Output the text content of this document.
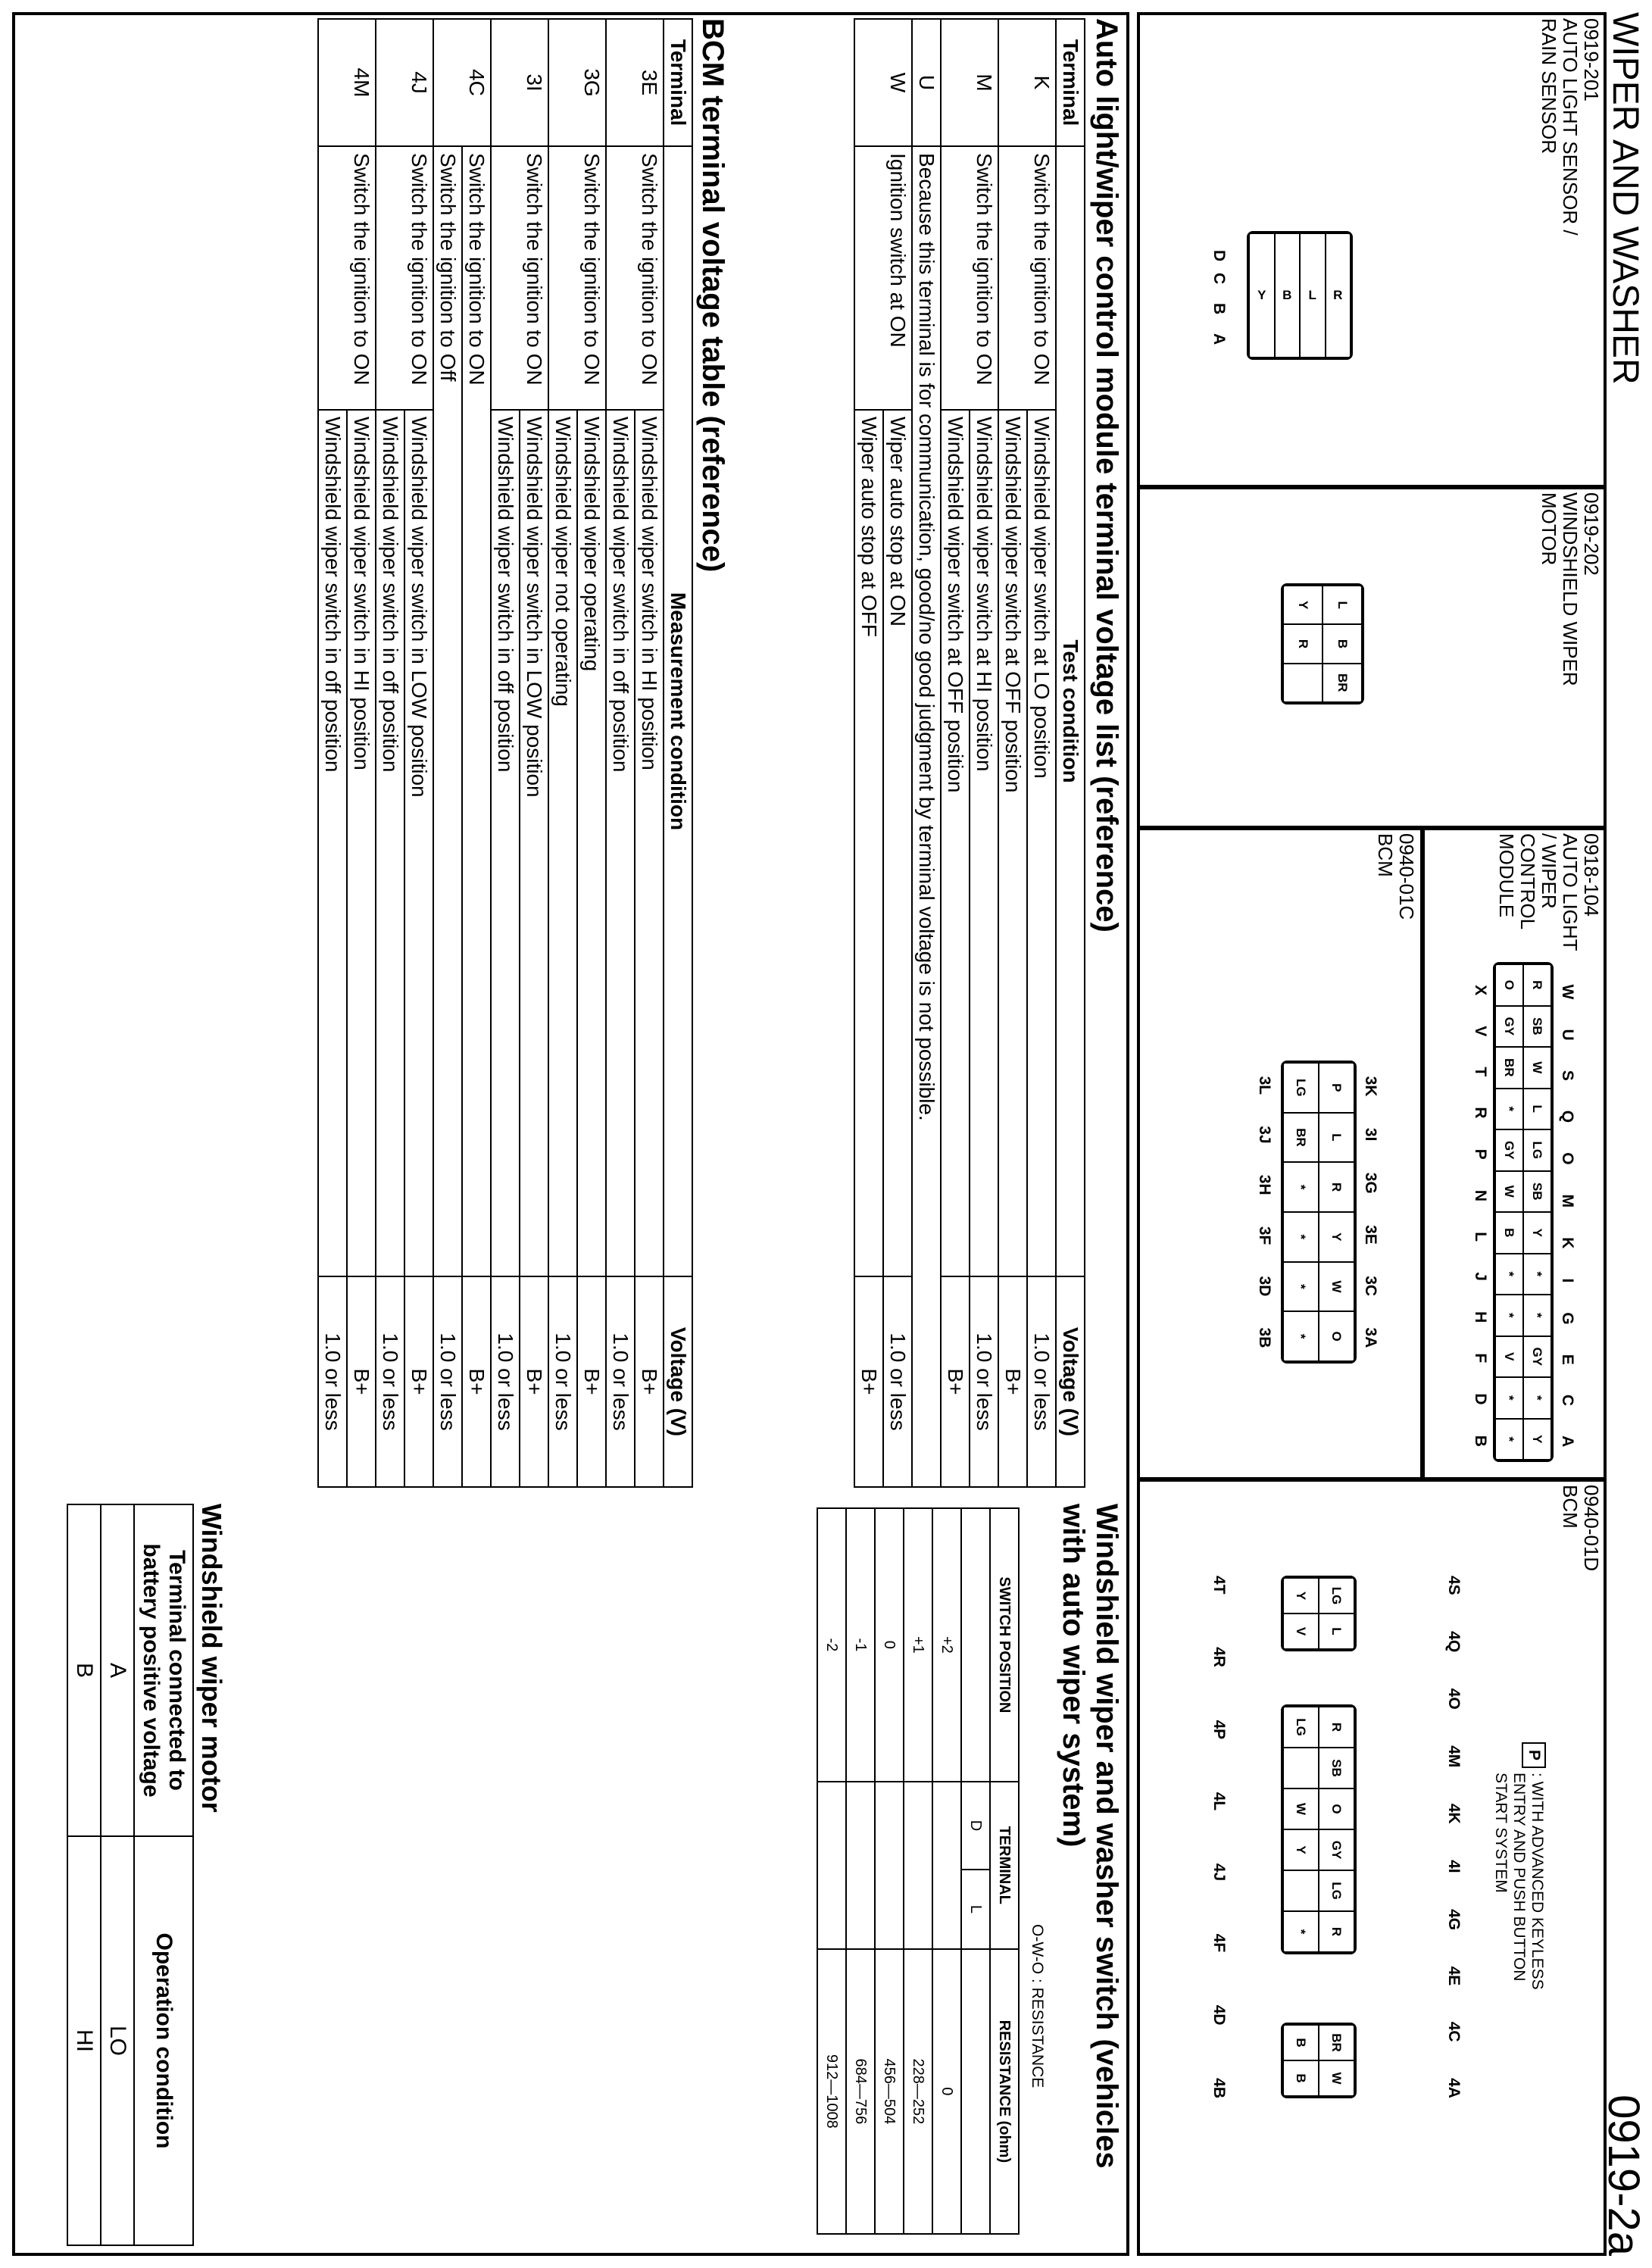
WIPER AND WASHER
0919-2a
0919-201
AUTO LIGHT SENSOR / RAIN SENSOR
Y	B	L	R
A
B
C
D
0919-202
WINDSHIELD WIPER MOTOR
L
B
BR
Y
R
0918-104
AUTO LIGHT / WIPER CONTROL MODULE
R
SB
W
L
LG
SB
Y
*
*
GY
*
Y
O
GY
BR
*
GY
W
B
*
*
V
*
*
W
U
S
Q
O
M
K
I
G
E
C
A
X
V
T
R
P
N
L
J
H
F
D
B
0940-01C
BCM
P
L
R
Y
W
O
LG
BR
*
*
*
*
3K
3I
3G
3E
3C
3A
3L
3J
3H
3F
3D
3B
0940-01D
BCM
P
: WITH ADVANCED KEYLESS ENTRY AND PUSH BUTTON START SYSTEM
LG
L
Y
V
R
SB
O
GY
LG
R
LG
W
Y
*
BR
W
B
B
4S
4Q
4O
4M
4K
4I
4G
4E
4C
4A
4T
4R
4P
4L
4J
4F
4D
4B
Auto light/wiper control module terminal voltage list (reference)
Terminal	Test condition		Voltage (V)
K	Switch the ignition to ON	Windshield wiper switch at LO position	1.0 or less
		Windshield wiper switch at OFF position	B+
M	Switch the ignition to ON	Windshield wiper switch at HI position	1.0 or less
		Windshield wiper switch at OFF position	B+
U	Because this terminal is for communication, good/no good judgment by terminal voltage is not possible.		
W	Ignition switch at ON	Wiper auto stop at ON	1.0 or less
		Wiper auto stop at OFF	B+
BCM terminal voltage table (reference)
Terminal	Measurement condition		Voltage (V)
3E	Switch the ignition to ON	Windshield wiper switch in HI position	B+
		Windshield wiper switch in off position	1.0 or less
3G	Switch the ignition to ON	Windshield wiper operating	B+
		Windshield wiper not operating	1.0 or less
3I	Switch the ignition to ON	Windshield wiper switch in LOW position	B+
		Windshield wiper switch in off position	1.0 or less
4C	Switch the ignition to ON		B+
	Switch the ignition to Off		1.0 or less
4J	Switch the ignition to ON	Windshield wiper switch in LOW position	B+
		Windshield wiper switch in off position	1.0 or less
4M	Switch the ignition to ON	Windshield wiper switch in HI position	B+
		Windshield wiper switch in off position	1.0 or less
Windshield wiper and washer switch (vehicles with auto wiper system)
O-W-O : RESISTANCE
SWITCH POSITION	TERMINAL		RESISTANCE (ohm)
	D	L	
+2			0
+1			228—252
0			456—504
-1			684—756
-2			912—1008
Windshield wiper motor
Terminal connected to battery positive voltage	Operation condition
A	LO
B	HI
